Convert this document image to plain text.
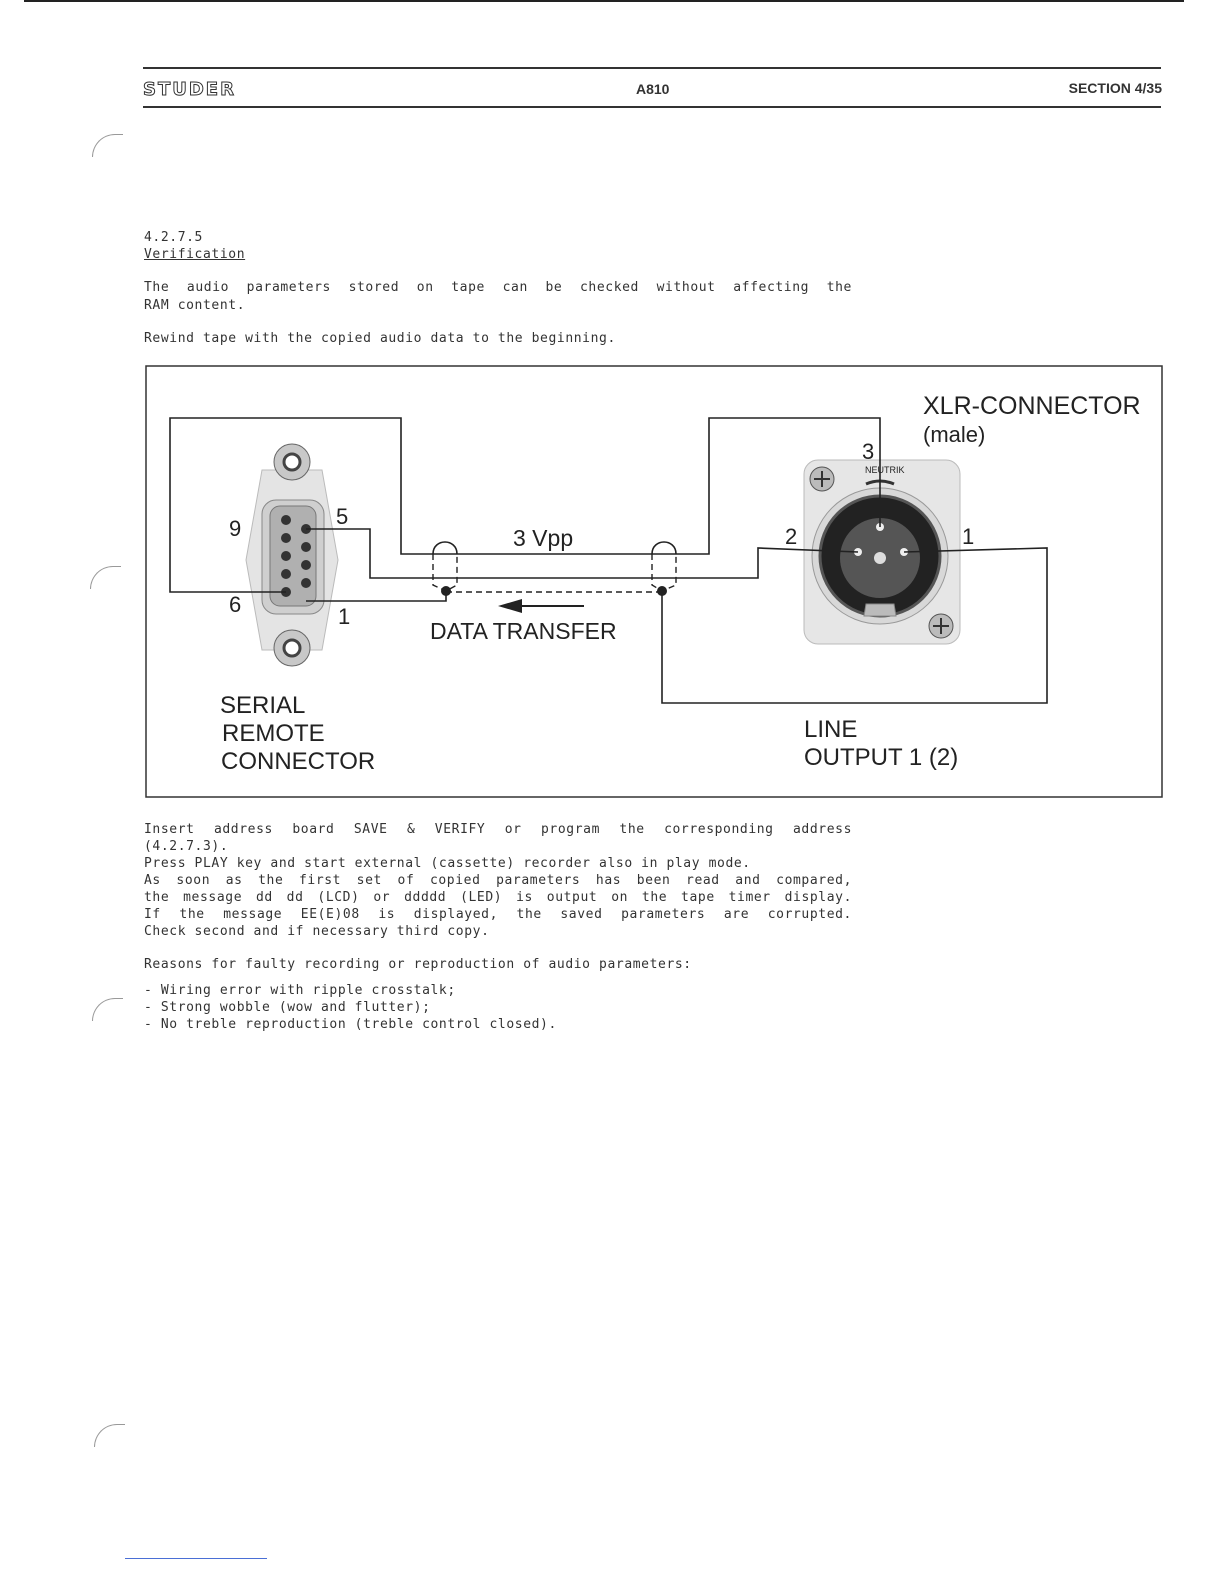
STUDER	A810	SECTION 4/35
4.2.7.5
Verification
The audio parameters stored on tape can be checked without affecting the
RAM content.
Rewind tape with the copied audio data to the beginning.
NEUTRIK
XLR-CONNECTOR
(male)
3
2	1
9	5
6	1
3 Vpp
DATA TRANSFER
SERIAL
REMOTE
CONNECTOR
LINE
OUTPUT 1 (2)
Insert address board SAVE & VERIFY or program the corresponding address
(4.2.7.3).
Press PLAY key and start external (cassette) recorder also in play mode.
As soon as the first set of copied parameters has been read and compared,
the message dd dd (LCD) or ddddd (LED) is output on the tape timer display.
If the message EE(E)08 is displayed, the saved parameters are corrupted.
Check second and if necessary third copy.
Reasons for faulty recording or reproduction of audio parameters:
- Wiring error with ripple crosstalk;
- Strong wobble (wow and flutter);
- No treble reproduction (treble control closed).
